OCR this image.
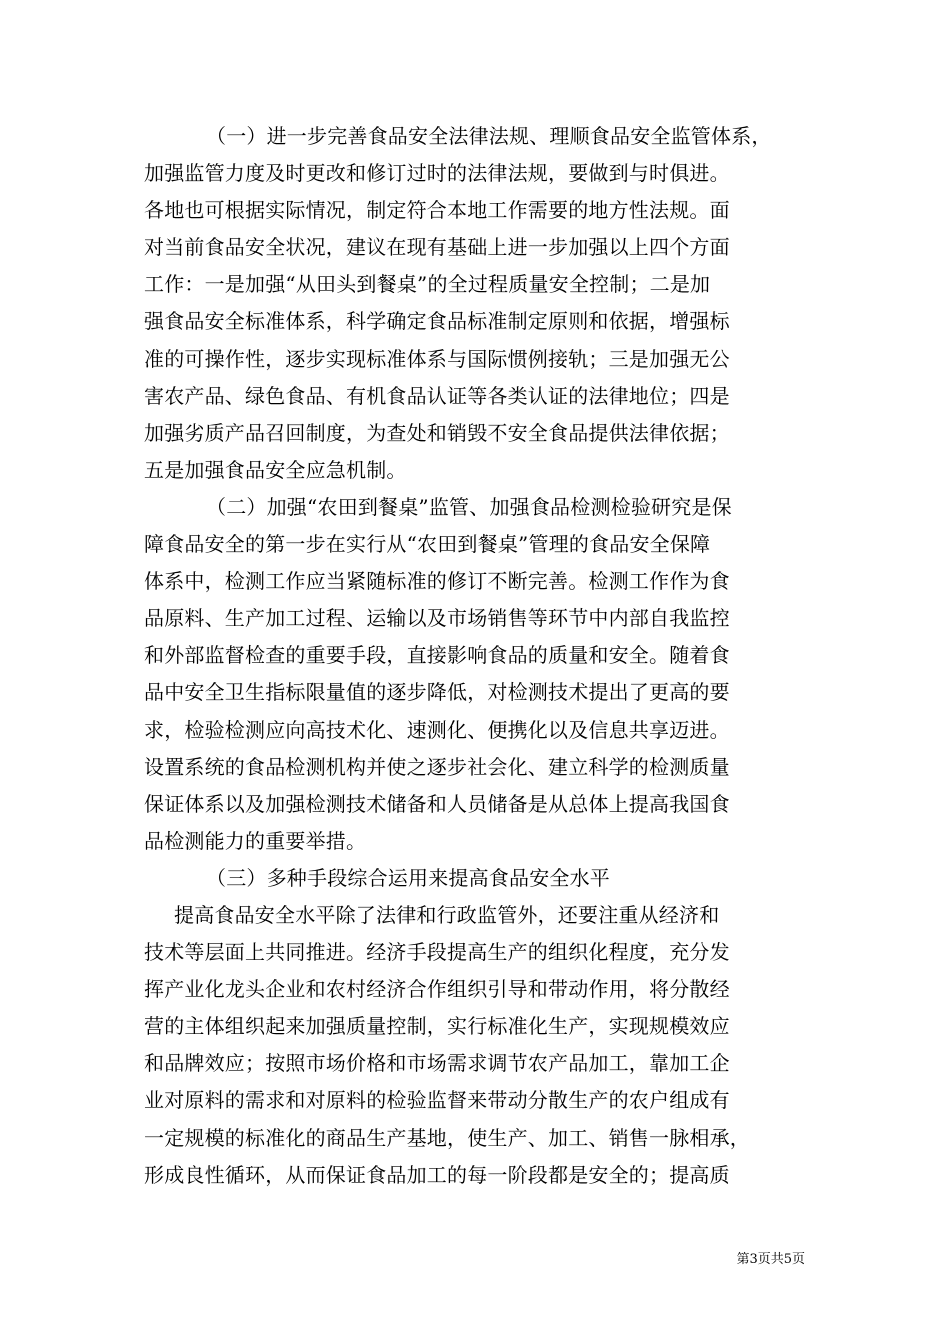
（一）进一步完善食品安全法律法规、理顺食品安全监管体系，
加强监管力度及时更改和修订过时的法律法规，要做到与时俱进。
各地也可根据实际情况，制定符合本地工作需要的地方性法规。面
对当前食品安全状况，建议在现有基础上进一步加强以上四个方面
工作：一是加强“从田头到餐桌”的全过程质量安全控制；二是加
强食品安全标准体系，科学确定食品标准制定原则和依据，增强标
准的可操作性，逐步实现标准体系与国际惯例接轨；三是加强无公
害农产品、绿色食品、有机食品认证等各类认证的法律地位；四是
加强劣质产品召回制度，为查处和销毁不安全食品提供法律依据；
五是加强食品安全应急机制。
（二）加强“农田到餐桌”监管、加强食品检测检验研究是保
障食品安全的第一步在实行从“农田到餐桌”管理的食品安全保障
体系中，检测工作应当紧随标准的修订不断完善。检测工作作为食
品原料、生产加工过程、运输以及市场销售等环节中内部自我监控
和外部监督检查的重要手段，直接影响食品的质量和安全。随着食
品中安全卫生指标限量值的逐步降低，对检测技术提出了更高的要
求，检验检测应向高技术化、速测化、便携化以及信息共享迈进。
设置系统的食品检测机构并使之逐步社会化、建立科学的检测质量
保证体系以及加强检测技术储备和人员储备是从总体上提高我国食
品检测能力的重要举措。
（三）多种手段综合运用来提高食品安全水平
提高食品安全水平除了法律和行政监管外，还要注重从经济和
技术等层面上共同推进。经济手段提高生产的组织化程度，充分发
挥产业化龙头企业和农村经济合作组织引导和带动作用，将分散经
营的主体组织起来加强质量控制，实行标准化生产，实现规模效应
和品牌效应；按照市场价格和市场需求调节农产品加工，靠加工企
业对原料的需求和对原料的检验监督来带动分散生产的农户组成有
一定规模的标准化的商品生产基地，使生产、加工、销售一脉相承，
形成良性循环，从而保证食品加工的每一阶段都是安全的；提高质
第3页共5页
